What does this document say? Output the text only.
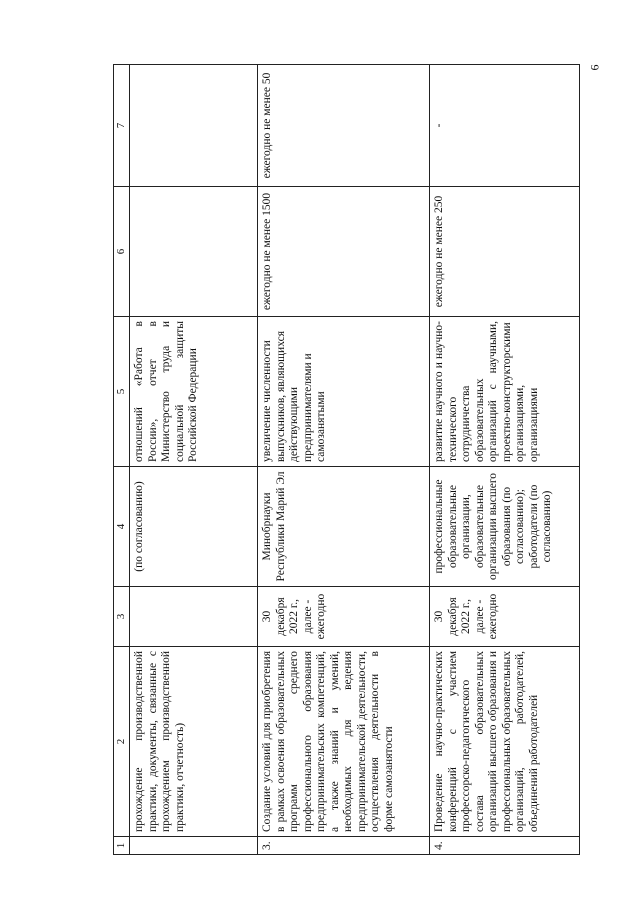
6
1	2	3	4	5	6	7
	прохождение производственной практики, документы, связанные с прохождением производственной практики, отчетность)		(по согласованию)	отношений «Работа в России», отчет в Министерство труда и социальной защиты Российской Федерации		
3.	Создание условий для приобретения в рамках освоения образовательных программ среднего профессионального образования предпринимательских компетенций, а также знаний и умений, необходимых для ведения предпринимательской деятельности, осуществления деятельности в форме самозанятости	30 декабря 2022 г., далее - ежегодно	Минобрнауки Республики Марий Эл	увеличение численности выпускников, являющихся действующими предпринимателями и самозанятыми	ежегодно не менее 1500	ежегодно не менее 50
4.	Проведение научно-практических конференций с участием профессорско-педагогического состава образовательных организаций высшего образования и профессиональных образовательных организаций, работодателей, объединений работодателей	30 декабря 2022 г., далее - ежегодно	профессиональные образовательные организации, образовательные организации высшего образования (по согласованию); работодатели (по согласованию)	развитие научного и научно-технического сотрудничества образовательных организаций с научными, проектно-конструкторскими организациями, организациями	ежегодно не менее 250	-
